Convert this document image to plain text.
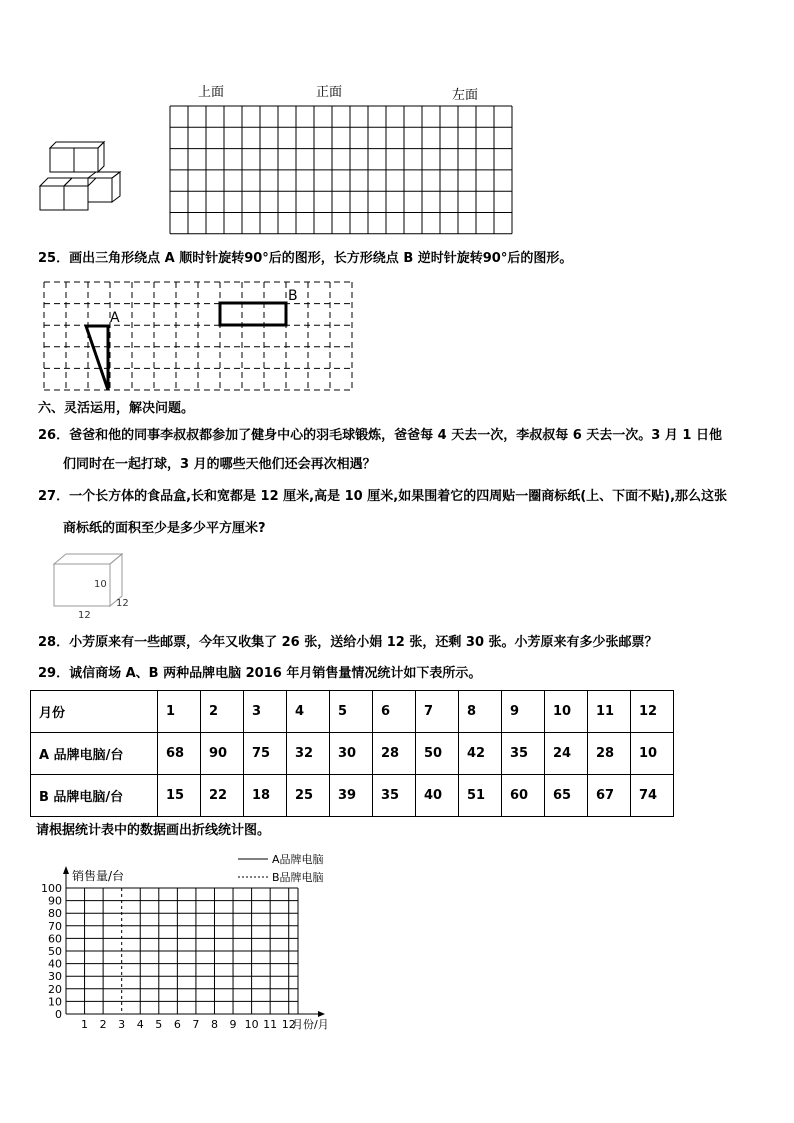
上面	正面	左面
25．画出三角形绕点 A 顺时针旋转90°后的图形，长方形绕点 B 逆时针旋转90°后的图形。
A
B
六、灵活运用，解决问题。
26．爸爸和他的同事李叔叔都参加了健身中心的羽毛球锻炼，爸爸每 4 天去一次，李叔叔每 6 天去一次。3 月 1 日他
们同时在一起打球，3 月的哪些天他们还会再次相遇？
27．一个长方体的食品盒,长和宽都是 12 厘米,高是 10 厘米,如果围着它的四周贴一圈商标纸(上、下面不贴),那么这张
商标纸的面积至少是多少平方厘米?
10
12
12
28．小芳原来有一些邮票，今年又收集了 26 张，送给小娟 12 张，还剩 30 张。小芳原来有多少张邮票？
29．诚信商场 A、B 两种品牌电脑 2016 年月销售量情况统计如下表所示。
月份	1	2	3	4	5	6	7	8	9	10	11	12
A 品牌电脑/台	68	90	75	32	30	28	50	42	35	24	28	10
B 品牌电脑/台	15	22	18	25	39	35	40	51	60	65	67	74
请根据统计表中的数据画出折线统计图。
A品牌电脑
B品牌电脑
销售量/台
0
10
20
30
40
50
60
70
80
90
100
1 2 3 4 5 6 7 8 9 10 11 12
月份/月
